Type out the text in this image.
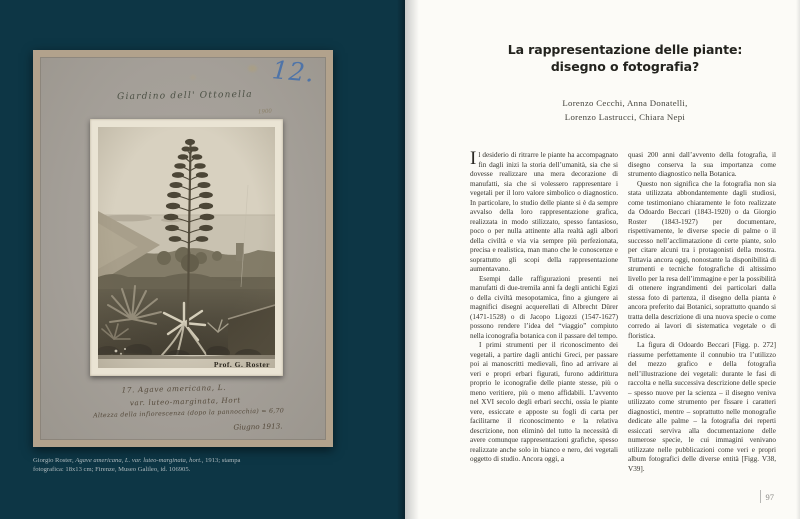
12.
Giardino dell' Ottonella
1900
Prof. G. Roster
17. Agave americana, L.
var. luteo-marginata, Hort
Altezza della infiorescenza (dopo la pannocchia) = 6,70
Giugno 1913.
Giorgio Roster, Agave americana, L. var. luteo-marginata, hort., 1913; stampa fotografica: 18x13 cm; Firenze, Museo Galileo, id. 106905.
La rappresentazione delle piante:
disegno o fotografia?
Lorenzo Cecchi, Anna Donatelli,
Lorenzo Lastrucci, Chiara Nepi

Il desiderio di ritrarre le piante ha accompagnato fin dagli inizi la storia dell’umanità, sia che si dovesse realizzare una mera decorazione di manufatti, sia che si volessero rappresentare i vegetali per il loro valore simbolico o diagnostico. In particolare, lo studio delle piante si è da sempre avvalso della loro rappresentazione grafica, realizzata in modo stilizzato, spesso fantasioso, poco o per nulla attinente alla realtà agli albori della civiltà e via via sempre più perfezionata, precisa e realistica, man mano che le conoscenze e soprattutto gli scopi della rappresentazione aumentavano.

Esempi dalle raffigurazioni presenti nei manufatti di due-tremila anni fa degli antichi Egizi o della civiltà mesopotamica, fino a giungere ai magnifici disegni acquerellati di Albrecht Dürer (1471-1528) o di Jacopo Ligozzi (1547-1627) possono rendere l’idea del “viaggio” compiuto nella iconografia botanica con il passare del tempo.

I primi strumenti per il riconoscimento dei vegetali, a partire dagli antichi Greci, per passare poi ai manoscritti medievali, fino ad arrivare ai veri e propri erbari figurati, furono addirittura proprio le iconografie delle piante stesse, più o meno veritiere, più o meno affidabili. L’avvento nel XVI secolo degli erbari secchi, ossia le piante vere, essiccate e apposte su fogli di carta per facilitarne il riconoscimento e la relativa descrizione, non eliminò del tutto la necessità di avere comunque rappresentazioni grafiche, spesso realizzate anche solo in bianco e nero, dei vegetali oggetto di studio. Ancora oggi, a

quasi 200 anni dall’avvento della fotografia, il disegno conserva la sua importanza come strumento diagnostico nella Botanica.

Questo non significa che la fotografia non sia stata utilizzata abbondantemente dagli studiosi, come testimoniano chiaramente le foto realizzate da Odoardo Beccari (1843-1920) o da Giorgio Roster (1843-1927) per documentare, rispettivamente, le diverse specie di palme o il successo nell’acclimatazione di certe piante, solo per citare alcuni tra i protagonisti della mostra. Tuttavia ancora oggi, nonostante la disponibilità di strumenti e tecniche fotografiche di altissimo livello per la resa dell’immagine e per la possibilità di ottenere ingrandimenti dei particolari dalla stessa foto di partenza, il disegno della pianta è ancora preferito dai Botanici, soprattutto quando si tratta della descrizione di una nuova specie o come corredo ai lavori di sistematica vegetale o di floristica.

La figura di Odoardo Beccari [Figg. p. 272] riassume perfettamente il connubio tra l’utilizzo del mezzo grafico e della fotografia nell’illustrazione dei vegetali: durante le fasi di raccolta e nella successiva descrizione delle specie – spesso nuove per la scienza – il disegno veniva utilizzato come strumento per fissare i caratteri diagnostici, mentre – soprattutto nelle monografie dedicate alle palme – la fotografia dei reperti essiccati serviva alla documentazione delle numerose specie, le cui immagini venivano utilizzate nelle pubblicazioni come veri e propri album fotografici delle diverse entità [Figg. V38, V39].

97
